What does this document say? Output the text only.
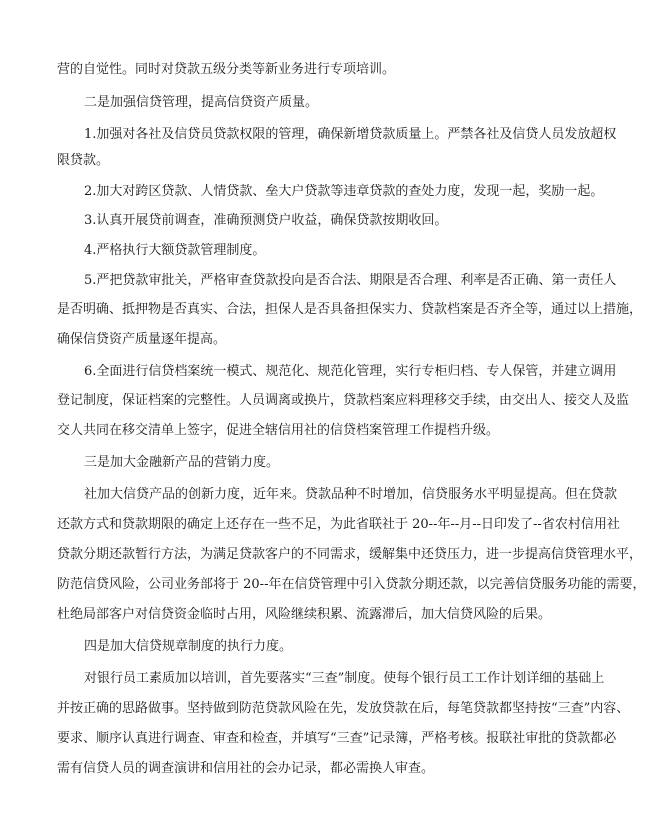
营的自觉性。同时对贷款五级分类等新业务进行专项培训。
二是加强信贷管理，提高信贷资产质量。
1.加强对各社及信贷员贷款权限的管理，确保新增贷款质量上。严禁各社及信贷人员发放超权
限贷款。
2.加大对跨区贷款、人情贷款、垒大户贷款等违章贷款的查处力度，发现一起，奖励一起。
3.认真开展贷前调查，准确预测贷户收益，确保贷款按期收回。
4.严格执行大额贷款管理制度。
5.严把贷款审批关，严格审查贷款投向是否合法、期限是否合理、利率是否正确、第一责任人
是否明确、抵押物是否真实、合法，担保人是否具备担保实力、贷款档案是否齐全等，通过以上措施，
确保信贷资产质量逐年提高。
6.全面进行信贷档案统一模式、规范化、规范化管理，实行专柜归档、专人保管，并建立调用
登记制度，保证档案的完整性。人员调离或换片，贷款档案应料理移交手续，由交出人、接交人及监
交人共同在移交清单上签字，促进全辖信用社的信贷档案管理工作提档升级。
三是加大金融新产品的营销力度。
社加大信贷产品的创新力度，近年来。贷款品种不时增加，信贷服务水平明显提高。但在贷款
还款方式和贷款期限的确定上还存在一些不足，为此省联社于 20--年--月--日印发了--省农村信用社
贷款分期还款暂行方法，为满足贷款客户的不同需求，缓解集中还贷压力，进一步提高信贷管理水平，
防范信贷风险，公司业务部将于 20--年在信贷管理中引入贷款分期还款，以完善信贷服务功能的需要，
杜绝局部客户对信贷资金临时占用，风险继续积累、流露滞后，加大信贷风险的后果。
四是加大信贷规章制度的执行力度。
对银行员工素质加以培训，首先要落实“三查”制度。使每个银行员工工作计划详细的基础上
并按正确的思路做事。坚持做到防范贷款风险在先，发放贷款在后，每笔贷款都坚持按“三查”内容、
要求、顺序认真进行调查、审查和检查，并填写“三查”记录簿，严格考核。报联社审批的贷款都必
需有信贷人员的调查演讲和信用社的会办记录，都必需换人审查。
